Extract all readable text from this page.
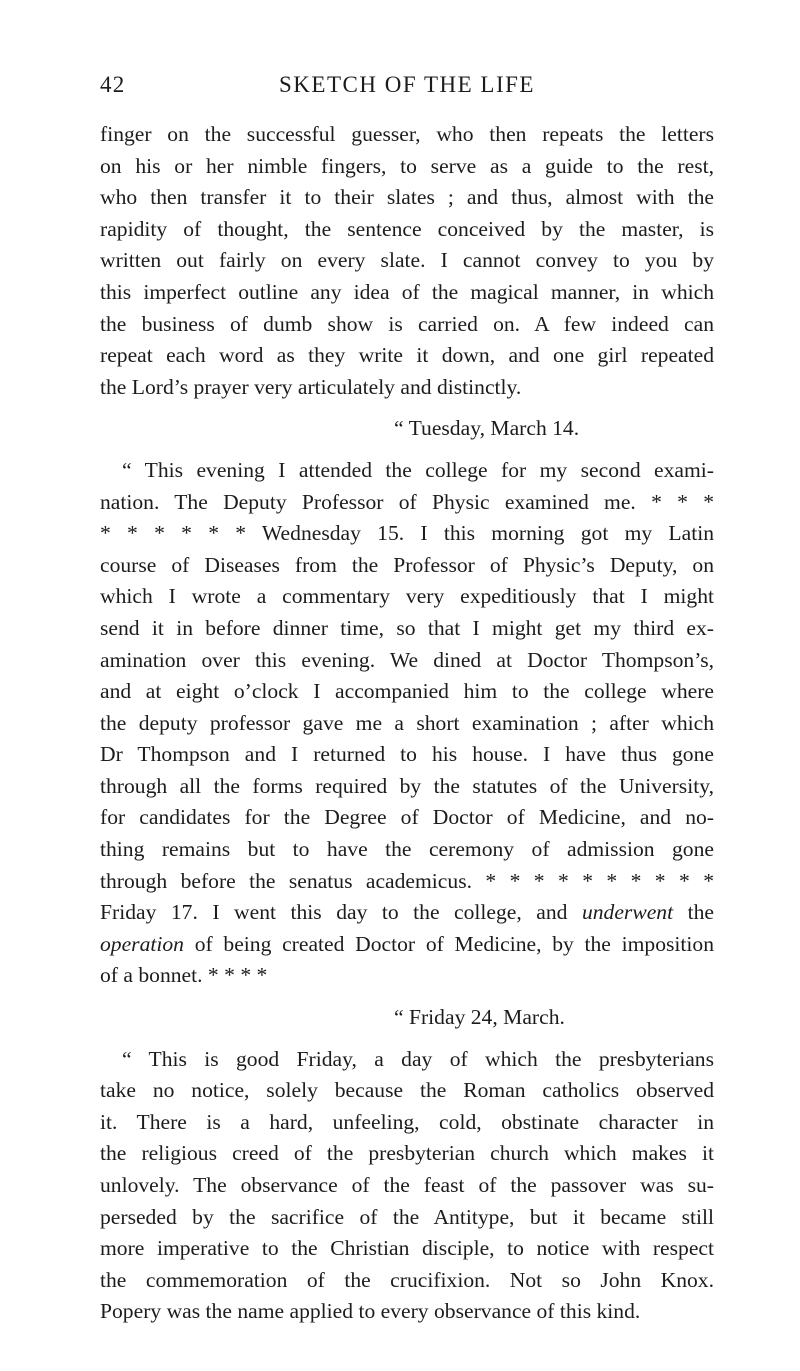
42	SKETCH OF THE LIFE
finger on the successful guesser, who then repeats the letters
on his or her nimble fingers, to serve as a guide to the rest,
who then transfer it to their slates ; and thus, almost with the
rapidity of thought, the sentence conceived by the master, is
written out fairly on every slate. I cannot convey to you by
this imperfect outline any idea of the magical manner, in which
the business of dumb show is carried on. A few indeed can
repeat each word as they write it down, and one girl repeated
the Lord’s prayer very articulately and distinctly.
“ Tuesday, March 14.
“ This evening I attended the college for my second exami-
nation. The Deputy Professor of Physic examined me. * * *
* * * * * * Wednesday 15. I this morning got my Latin
course of Diseases from the Professor of Physic’s Deputy, on
which I wrote a commentary very expeditiously that I might
send it in before dinner time, so that I might get my third ex-
amination over this evening. We dined at Doctor Thompson’s,
and at eight o’clock I accompanied him to the college where
the deputy professor gave me a short examination ; after which
Dr Thompson and I returned to his house. I have thus gone
through all the forms required by the statutes of the University,
for candidates for the Degree of Doctor of Medicine, and no-
thing remains but to have the ceremony of admission gone
through before the senatus academicus. * * * * * * * * * *
Friday 17. I went this day to the college, and underwent the
operation of being created Doctor of Medicine, by the imposition
of a bonnet. * * * *
“ Friday 24, March.
“ This is good Friday, a day of which the presbyterians
take no notice, solely because the Roman catholics observed
it. There is a hard, unfeeling, cold, obstinate character in
the religious creed of the presbyterian church which makes it
unlovely. The observance of the feast of the passover was su-
perseded by the sacrifice of the Antitype, but it became still
more imperative to the Christian disciple, to notice with respect
the commemoration of the crucifixion. Not so John Knox.
Popery was the name applied to every observance of this kind.
